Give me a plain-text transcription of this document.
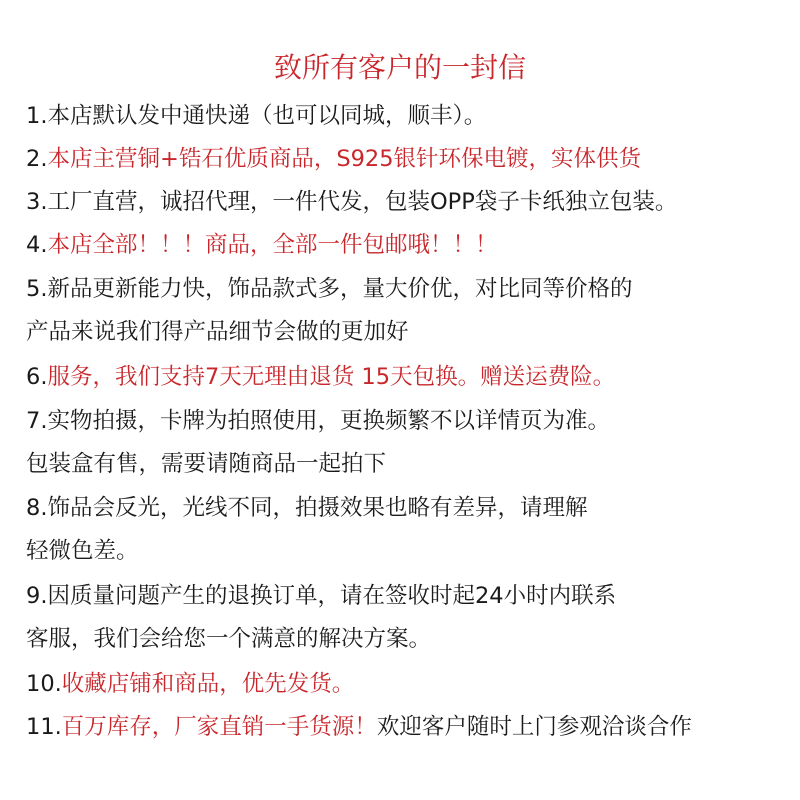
致所有客户的一封信
1.本店默认发中通快递（也可以同城，顺丰）。
2.本店主营铜+锆石优质商品，S925银针环保电镀，实体供货
3.工厂直营，诚招代理，一件代发，包装OPP袋子卡纸独立包装。
4.本店全部！！！商品，全部一件包邮哦！！！
5.新品更新能力快，饰品款式多，量大价优，对比同等价格的
产品来说我们得产品细节会做的更加好
6.服务，我们支持7天无理由退货 15天包换。赠送运费险。
7.实物拍摄，卡牌为拍照使用，更换频繁不以详情页为准。
包装盒有售，需要请随商品一起拍下
8.饰品会反光，光线不同，拍摄效果也略有差异，请理解
轻微色差。
9.因质量问题产生的退换订单，请在签收时起24小时内联系
客服，我们会给您一个满意的解决方案。
10.收藏店铺和商品，优先发货。
11.百万库存，厂家直销一手货源！欢迎客户随时上门参观洽谈合作
